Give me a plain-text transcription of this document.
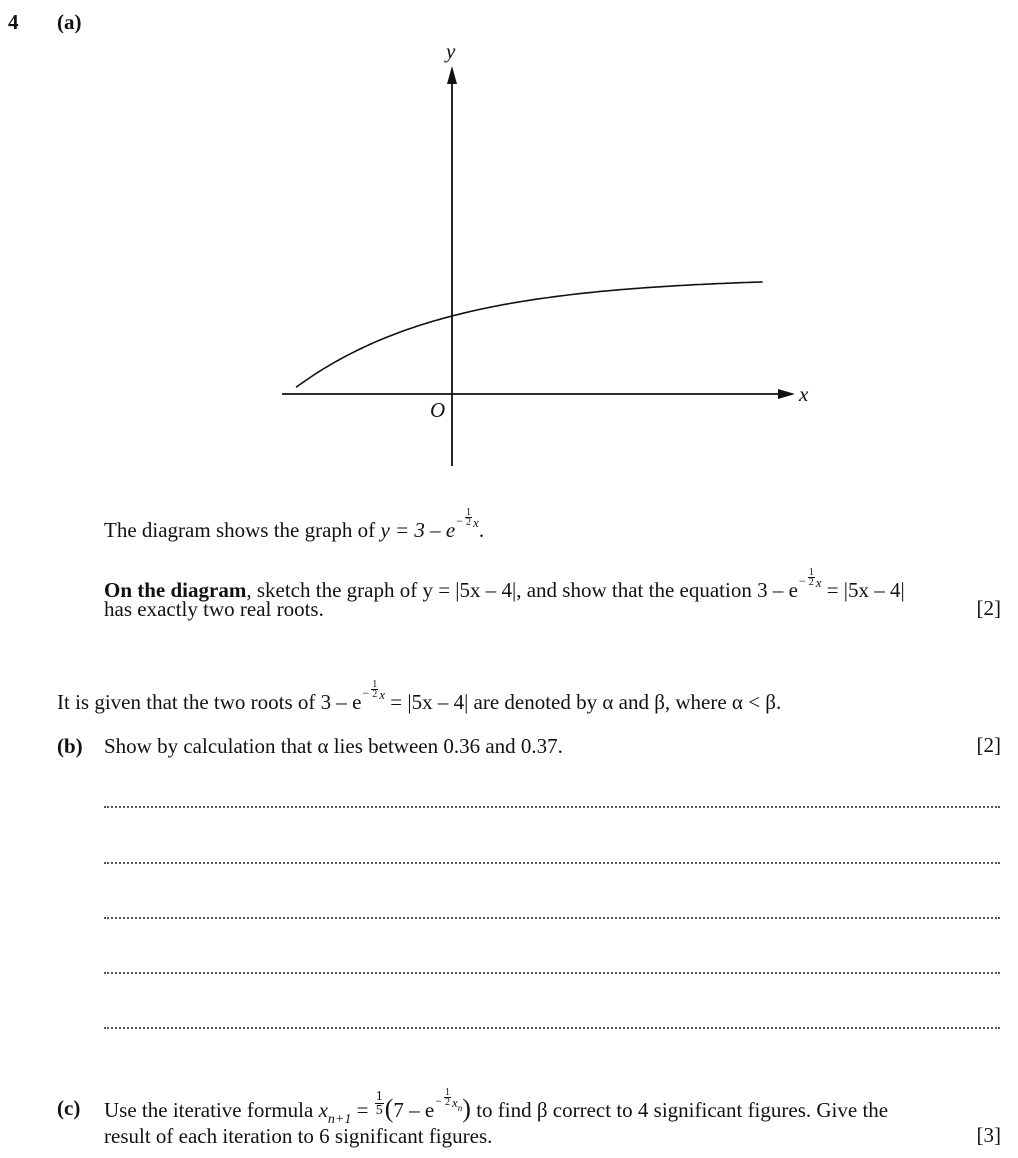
4 (a)
y
x
O
The diagram shows the graph of $y = 3 - e- \frac{1}{2} ^x$.
On the diagram, sketch the graph of y = |5x – 4|, and show that the equation $3 - e- \frac{1}{2} ^x = |5x - 4|$
has exactly two real roots.	[2]
It is given that the two roots of $3 - e- \frac{1}{2} ^x = |5x - 4|$ are denoted by α and β, where α < β.
(b) Show by calculation that α lies between 0.36 and 0.37.	[2]
(c) Use the iterative formula $x_{n+1} = \frac{1}{5} (7 - e- \frac{1}{2} ^{xn})$ to find β correct to 4 significant figures. Give the
result of each iteration to 6 significant figures.	[3]
